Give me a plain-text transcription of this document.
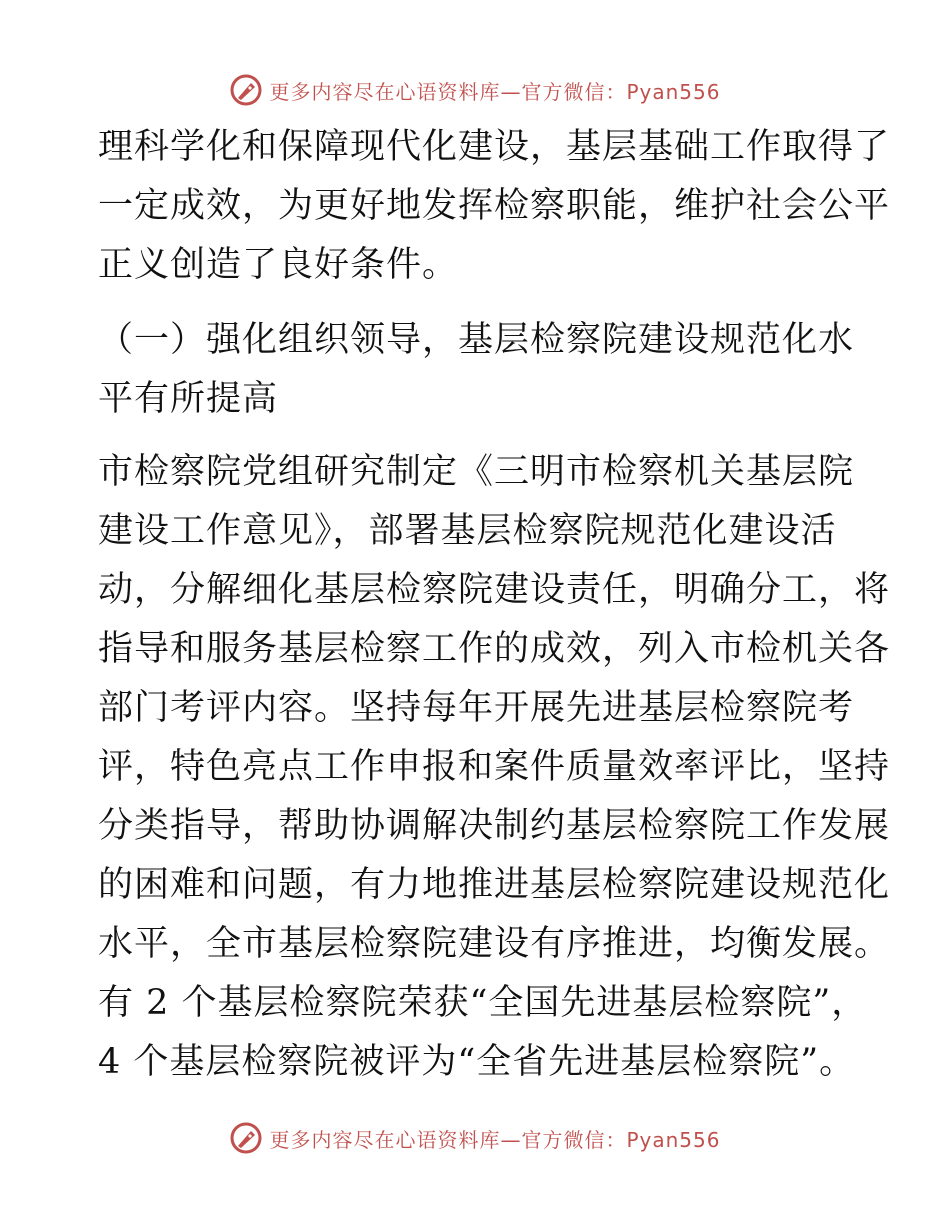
更多内容尽在心语资料库—官方微信：Pyan556

理科学化和保障现代化建设，基层基础工作取得了

一定成效，为更好地发挥检察职能，维护社会公平

正义创造了良好条件。

（一）强化组织领导，基层检察院建设规范化水

平有所提高

市检察院党组研究制定《三明市检察机关基层院

建设工作意见》，部署基层检察院规范化建设活

动，分解细化基层检察院建设责任，明确分工，将

指导和服务基层检察工作的成效，列入市检机关各

部门考评内容。坚持每年开展先进基层检察院考

评，特色亮点工作申报和案件质量效率评比，坚持

分类指导，帮助协调解决制约基层检察院工作发展

的困难和问题，有力地推进基层检察院建设规范化

水平，全市基层检察院建设有序推进，均衡发展。

有 2 个基层检察院荣获“全国先进基层检察院”，

4 个基层检察院被评为“全省先进基层检察院”。

更多内容尽在心语资料库—官方微信：Pyan556
